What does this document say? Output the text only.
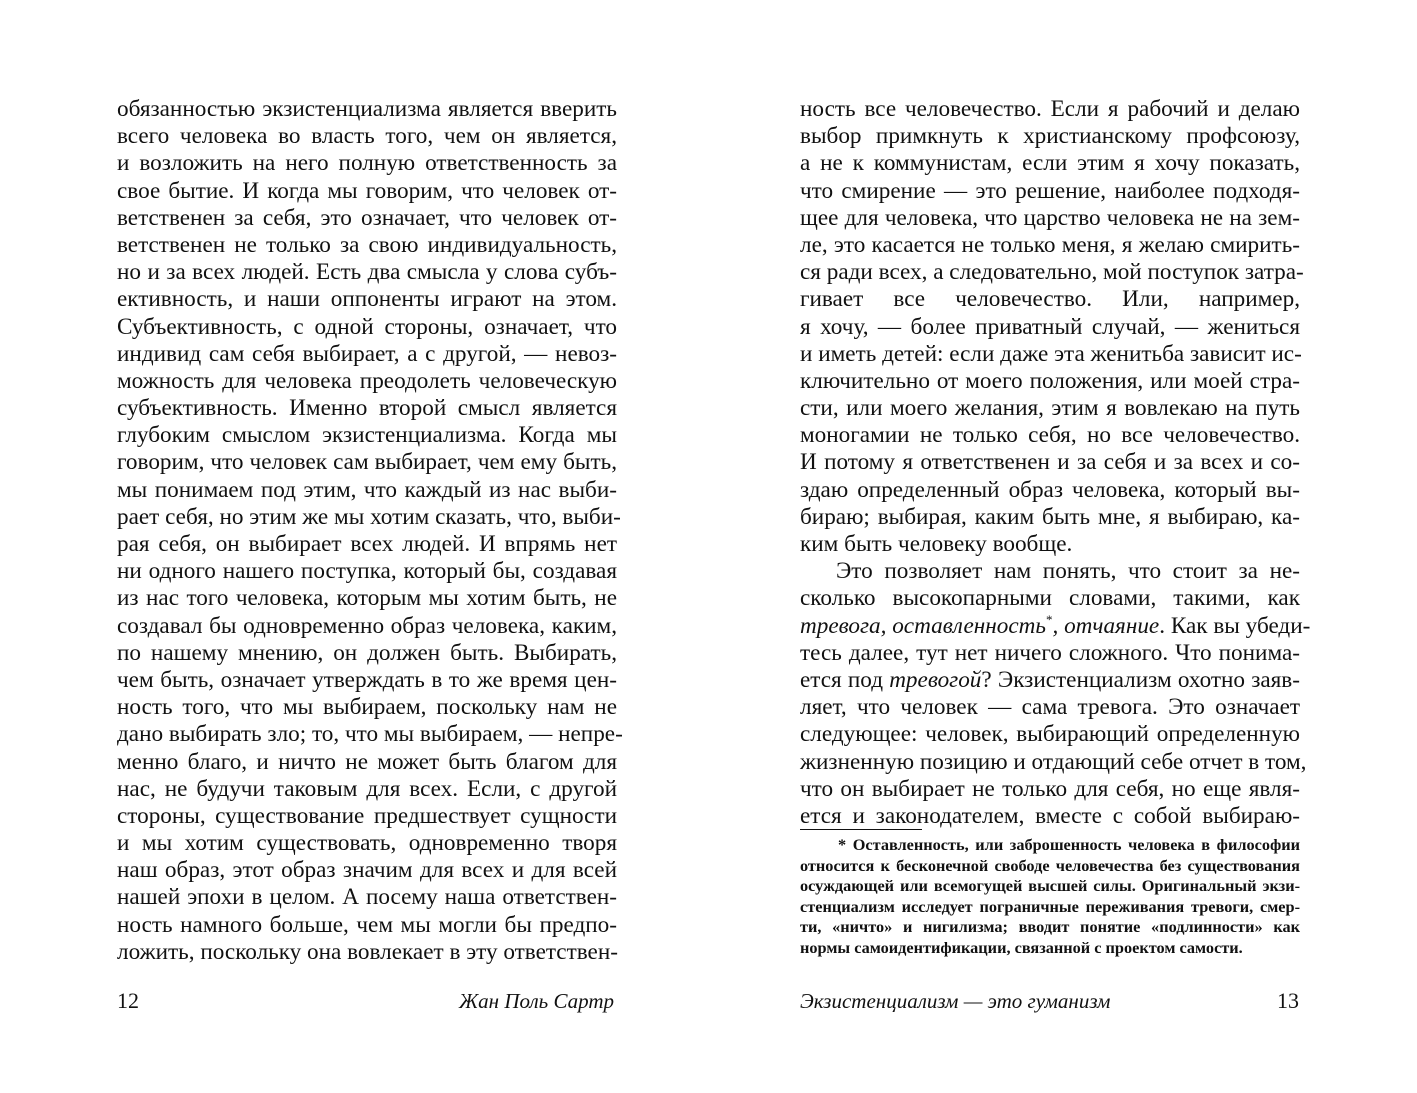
обязанностью экзистенциализма является вверить
всего человека во власть того, чем он является,
и возложить на него полную ответственность за
свое бытие. И когда мы говорим, что человек от-
ветственен за себя, это означает, что человек от-
ветственен не только за свою индивидуальность,
но и за всех людей. Есть два смысла у слова субъ-
ективность, и наши оппоненты играют на этом.
Субъективность, с одной стороны, означает, что
индивид сам себя выбирает, а с другой, — невоз-
можность для человека преодолеть человеческую
субъективность. Именно второй смысл является
глубоким смыслом экзистенциализма. Когда мы
говорим, что человек сам выбирает, чем ему быть,
мы понимаем под этим, что каждый из нас выби-
рает себя, но этим же мы хотим сказать, что, выби-
рая себя, он выбирает всех людей. И впрямь нет
ни одного нашего поступка, который бы, создавая
из нас того человека, которым мы хотим быть, не
создавал бы одновременно образ человека, каким,
по нашему мнению, он должен быть. Выбирать,
чем быть, означает утверждать в то же время цен-
ность того, что мы выбираем, поскольку нам не
дано выбирать зло; то, что мы выбираем, — непре-
менно благо, и ничто не может быть благом для
нас, не будучи таковым для всех. Если, с другой
стороны, существование предшествует сущности
и мы хотим существовать, одновременно творя
наш образ, этот образ значим для всех и для всей
нашей эпохи в целом. А посему наша ответствен-
ность намного больше, чем мы могли бы предпо-
ложить, поскольку она вовлекает в эту ответствен-
12	Жан Поль Сартр
ность все человечество. Если я рабочий и делаю
выбор примкнуть к христианскому профсоюзу,
а не к коммунистам, если этим я хочу показать,
что смирение — это решение, наиболее подходя-
щее для человека, что царство человека не на зем-
ле, это касается не только меня, я желаю смирить-
ся ради всех, а следовательно, мой поступок затра-
гивает все человечество. Или, например,
я хочу, — более приватный случай, — жениться
и иметь детей: если даже эта женитьба зависит ис-
ключительно от моего положения, или моей стра-
сти, или моего желания, этим я вовлекаю на путь
моногамии не только себя, но все человечество.
И потому я ответственен и за себя и за всех и со-
здаю определенный образ человека, который вы-
бираю; выбирая, каким быть мне, я выбираю, ка-
ким быть человеку вообще.
Это позволяет нам понять, что стоит за не-
сколько высокопарными словами, такими, как
тревога, оставленность*, отчаяние. Как вы убеди-
тесь далее, тут нет ничего сложного. Что понима-
ется под тревогой? Экзистенциализм охотно заяв-
ляет, что человек — сама тревога. Это означает
следующее: человек, выбирающий определенную
жизненную позицию и отдающий себе отчет в том,
что он выбирает не только для себя, но еще явля-
ется и законодателем, вместе с собой выбираю-
* Оставленность, или заброшенность человека в философии
относится к бесконечной свободе человечества без существования
осуждающей или всемогущей высшей силы. Оригинальный экзи-
стенциализм исследует пограничные переживания тревоги, смер-
ти, «ничто» и нигилизма; вводит понятие «подлинности» как
нормы самоидентификации, связанной с проектом самости.
Экзистенциализм — это гуманизм	13
